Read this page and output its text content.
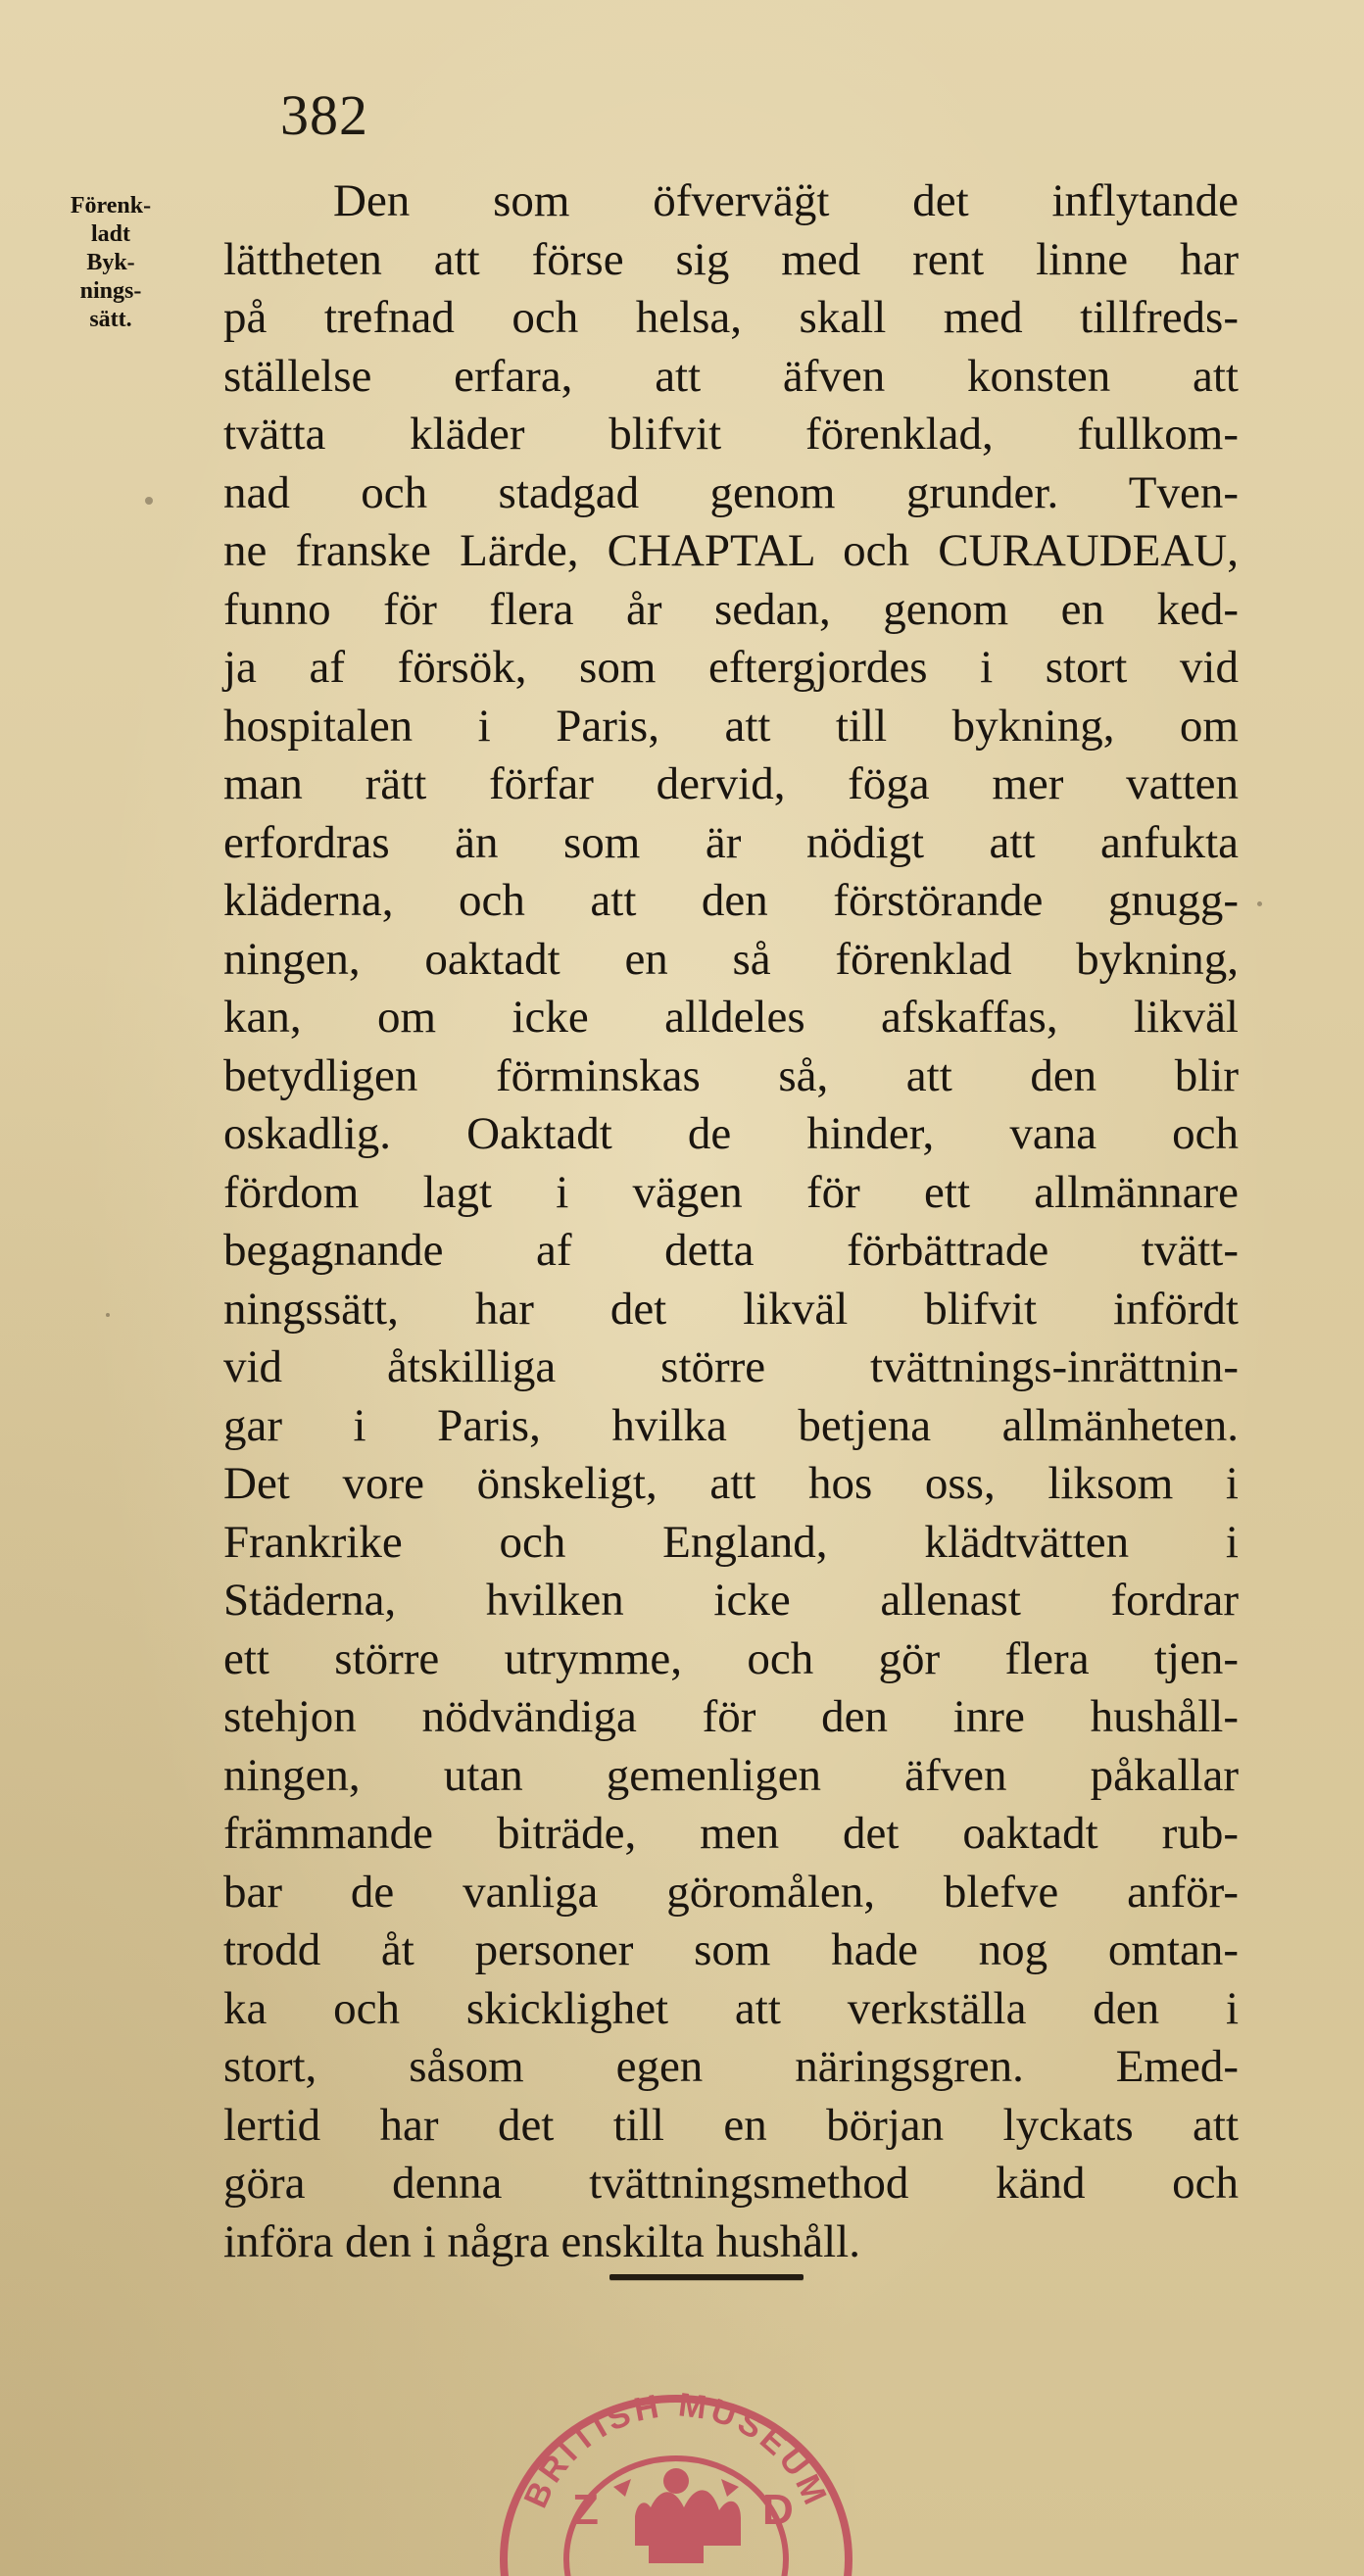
382
Förenk-
ladt
Byk-
nings-
sätt.
Den som öfverväg̈t det inflytande
lättheten att förse sig med rent linne har
på trefnad och helsa, skall med tillfreds-
ställelse erfara, att äfven konsten att
tvätta kläder blifvit förenklad, fullkom-
nad och stadgad genom grunder. Tven-
ne franske Lärde, CHAPTAL och CURAUDEAU,
funno för flera år sedan, genom en ked-
ja af försök, som eftergjordes i stort vid
hospitalen i Paris, att till bykning, om
man rätt förfar dervid, föga mer vatten
erfordras än som är nödigt att anfukta
kläderna, och att den förstörande gnugg-
ningen, oaktadt en så förenklad bykning,
kan, om icke alldeles afskaffas, likväl
betydligen förminskas så, att den blir
oskadlig. Oaktadt de hinder, vana och
fördom lagt i vägen för ett allmännare
begagnande af detta förbättrade tvätt-
ningssätt, har det likväl blifvit infördt
vid åtskilliga större tvättnings-inrättnin-
gar i Paris, hvilka betjena allmänheten.
Det vore önskeligt, att hos oss, liksom i
Frankrike och England, klädtvätten i
Städerna, hvilken icke allenast fordrar
ett större utrymme, och gör flera tjen-
stehjon nödvändiga för den inre hushåll-
ningen, utan gemenligen äfven påkallar
främmande biträde, men det oaktadt rub-
bar de vanliga göromålen, blefve anför-
trodd åt personer som hade nog omtan-
ka och skicklighet att verkställa den i
stort, såsom egen näringsgren. Emed-
lertid har det till en början lyckats att
göra denna tvättningsmethod känd och
införa den i några enskilta hushåll.
BRITISH MUSEUM
Z	D
